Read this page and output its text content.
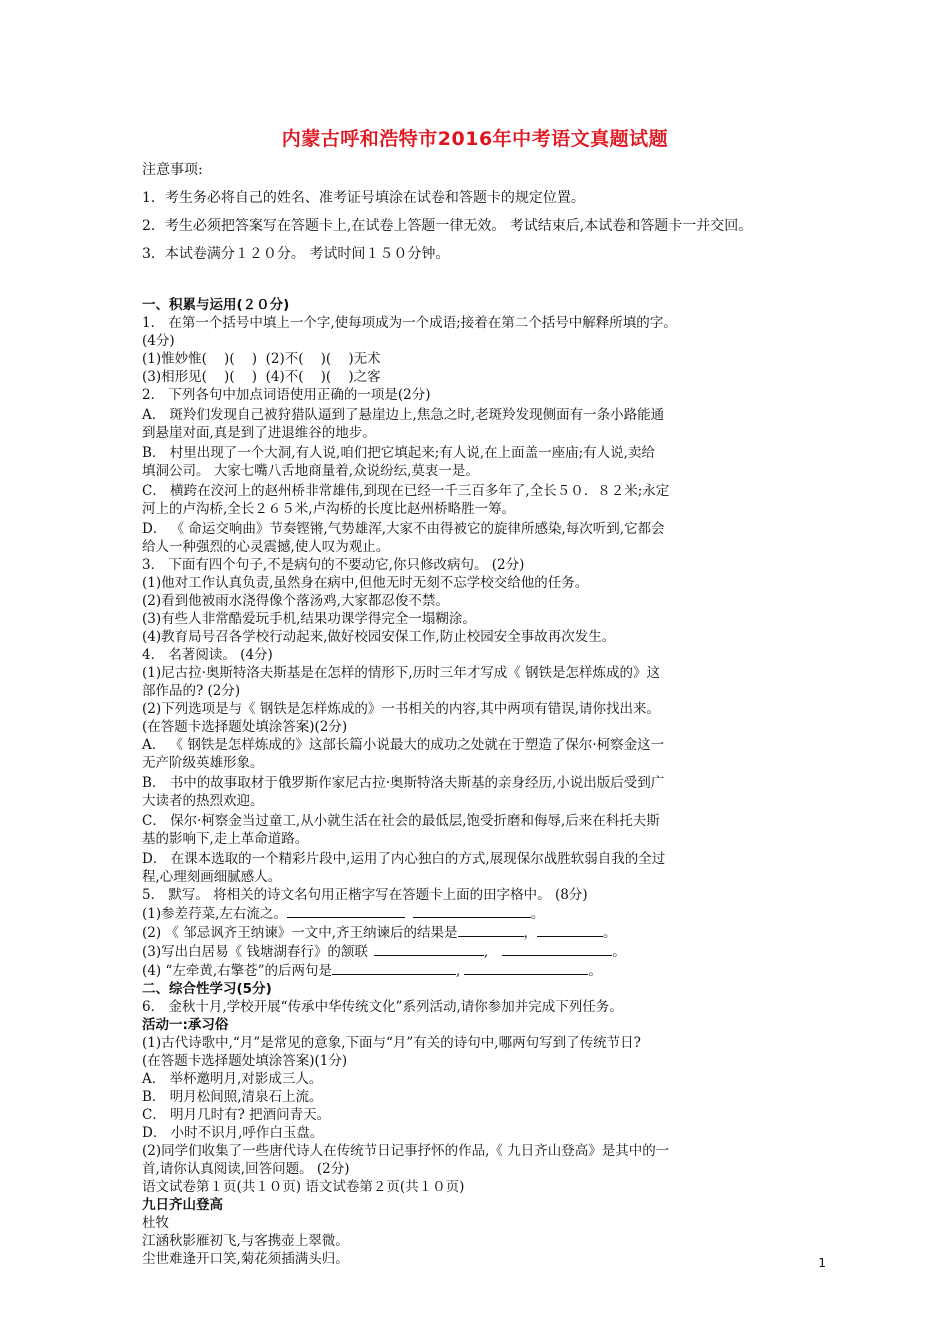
内蒙古呼和浩特市2016年中考语文真题试题
注意事项:
1．考生务必将自己的姓名、准考证号填涂在试卷和答题卡的规定位置。
2．考生必须把答案写在答题卡上,在试卷上答题一律无效。 考试结束后,本试卷和答题卡一并交回。
3．本试卷满分１２０分。 考试时间１５０分钟。
一、积累与运用(２０分)
1． 在第一个括号中填上一个字,使每项成为一个成语;接着在第二个括号中解释所填的字。
(4分)
(1)惟妙惟(    )(    )  (2)不(    )(    )无术
(3)相形见(    )(    )  (4)不(    )(    )之客
2． 下列各句中加点词语使用正确的一项是(2分)
A． 斑羚们发现自己被狩猎队逼到了悬崖边上,焦急之时,老斑羚发现侧面有一条小路能通
到悬崖对面,真是到了进退维谷的地步。
B． 村里出现了一个大洞,有人说,咱们把它填起来;有人说,在上面盖一座庙;有人说,卖给
填洞公司。 大家七嘴八舌地商量着,众说纷纭,莫衷一是。
C． 横跨在洨河上的赵州桥非常雄伟,到现在已经一千三百多年了,全长５０．８２米;永定
河上的卢沟桥,全长２６５米,卢沟桥的长度比赵州桥略胜一筹。
D． 《 命运交响曲》节奏铿锵,气势雄浑,大家不由得被它的旋律所感染,每次听到,它都会
给人一种强烈的心灵震撼,使人叹为观止。
3． 下面有四个句子,不是病句的不要动它,你只修改病句。 (2分)
(1)他对工作认真负责,虽然身在病中,但他无时无刻不忘学校交给他的任务。
(2)看到他被雨水浇得像个落汤鸡,大家都忍俊不禁。
(3)有些人非常酷爱玩手机,结果功课学得完全一塌糊涂。
(4)教育局号召各学校行动起来,做好校园安保工作,防止校园安全事故再次发生。
4． 名著阅读。 (4分)
(1)尼古拉·奥斯特洛夫斯基是在怎样的情形下,历时三年才写成《 钢铁是怎样炼成的》这
部作品的? (2分)
(2)下列选项是与《 钢铁是怎样炼成的》一书相关的内容,其中两项有错误,请你找出来。
(在答题卡选择题处填涂答案)(2分)
A． 《 钢铁是怎样炼成的》这部长篇小说最大的成功之处就在于塑造了保尔·柯察金这一
无产阶级英雄形象。
B． 书中的故事取材于俄罗斯作家尼古拉·奥斯特洛夫斯基的亲身经历,小说出版后受到广
大读者的热烈欢迎。
C． 保尔·柯察金当过童工,从小就生活在社会的最低层,饱受折磨和侮辱,后来在科托夫斯
基的影响下,走上革命道路。
D． 在课本选取的一个精彩片段中,运用了内心独白的方式,展现保尔战胜软弱自我的全过
程,心理刻画细腻感人。
5． 默写。 将相关的诗文名句用正楷字写在答题卡上面的田字格中。 (8分)
(1)参差荇菜,左右流之。	。
(2) 《 邹忌讽齐王纳谏》一文中,齐王纳谏后的结果是	，	。
(3)写出白居易《 钱塘湖春行》的颔联	,	。
(4) “左牵黄,右擎苍”的后两句是	,	。
二、综合性学习(5分)
6． 金秋十月,学校开展“传承中华传统文化”系列活动,请你参加并完成下列任务。
活动一:承习俗
(1)古代诗歌中,“月”是常见的意象,下面与“月”有关的诗句中,哪两句写到了传统节日?
(在答题卡选择题处填涂答案)(1分)
A． 举杯邀明月,对影成三人。
B． 明月松间照,清泉石上流。
C． 明月几时有? 把酒问青天。
D． 小时不识月,呼作白玉盘。
(2)同学们收集了一些唐代诗人在传统节日记事抒怀的作品,《 九日齐山登高》是其中的一
首,请你认真阅读,回答问题。 (2分)
语文试卷第１页(共１０页) 语文试卷第２页(共１０页)
九日齐山登高
杜牧
江涵秋影雁初飞,与客携壶上翠微。
尘世难逢开口笑,菊花须插满头归。	1
